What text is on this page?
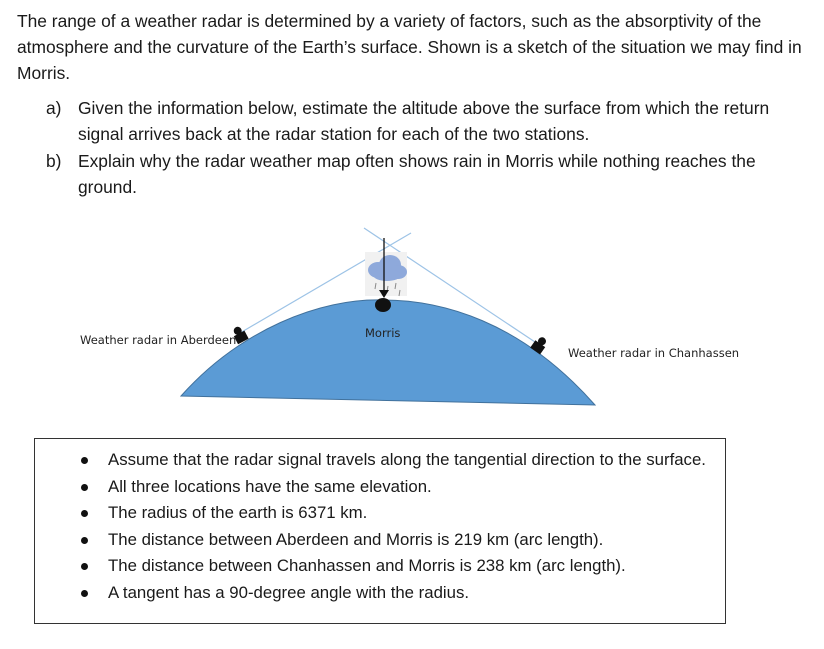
The range of a weather radar is determined by a variety of factors, such as the absorptivity of the atmosphere and the curvature of the Earth’s surface. Shown is a sketch of the situation we may find in Morris.
a) Given the information below, estimate the altitude above the surface from which the return signal arrives back at the radar station for each of the two stations.
b) Explain why the radar weather map often shows rain in Morris while nothing reaches the ground.
Weather radar in Aberdeen	Morris
Weather radar in Chanhassen
Assume that the radar signal travels along the tangential direction to the surface.
All three locations have the same elevation.
The radius of the earth is 6371 km.
The distance between Aberdeen and Morris is 219 km (arc length).
The distance between Chanhassen and Morris is 238 km (arc length).
A tangent has a 90-degree angle with the radius.
